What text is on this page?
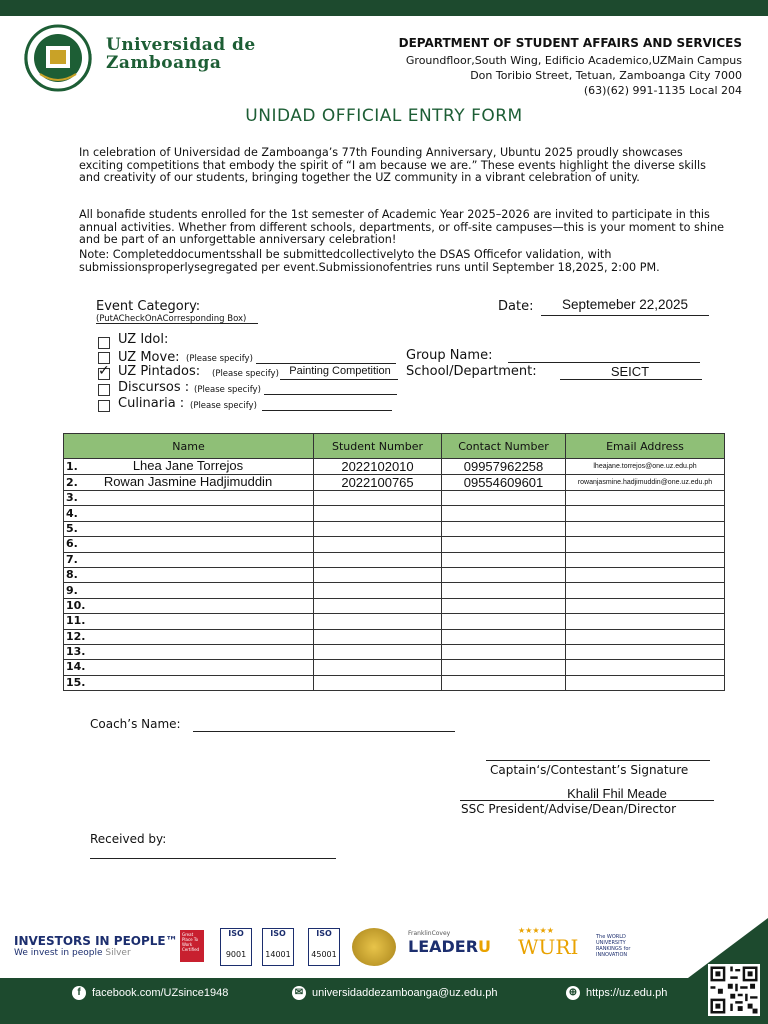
Universidad de
Zamboanga
DEPARTMENT OF STUDENT AFFAIRS AND SERVICES
Groundfloor,South Wing, Edificio Academico,UZMain Campus
Don Toribio Street, Tetuan, Zamboanga City 7000
(63)(62) 991-1135 Local 204
UNIDAD OFFICIAL ENTRY FORM
In celebration of Universidad de Zamboanga’s 77th Founding Anniversary, Ubuntu 2025 proudly showcases exciting competitions that embody the spirit of “I am because we are.” These events highlight the diverse skills and creativity of our students, bringing together the UZ community in a vibrant celebration of unity.
All bonafide students enrolled for the 1st semester of Academic Year 2025–2026 are invited to participate in this annual activities. Whether from different schools, departments, or off-site campuses—this is your moment to shine and be part of an unforgettable anniversary celebration!
Note: Completeddocumentsshall be submittedcollectivelyto the DSAS Officefor validation, with submissionsproperlysegregated per event.Submissionofentries runs until September 18,2025, 2:00 PM.
Event Category:
(PutACheckOnACorresponding Box)
Date:	Septemeber 22,2025
UZ Idol:
UZ Move: (Please specify)
✓ UZ Pintados: (Please specify) Painting Competition
Discursos : (Please specify)
Culinaria : (Please specify)
Group Name:
School/Department:	SEICT
Name	Student Number	Contact Number	Email Address
1. Lhea Jane Torrejos	2022102010	09957962258	lheajane.torrejos@one.uz.edu.ph

2. Rowan Jasmine Hadjimuddin	2022100765	09554609601	rowanjasmine.hadjimuddin@one.uz.edu.ph

3.	

4.	

5.	

6.	

7.	

8.	

9.	

10.	

11.	

12.	

13.	

14.	

15.	

Coach’s Name:
Captain‘s/Contestant’s Signature
Khalil Fhil Meade
SSC President/Advise/Dean/Director
Received by:
INVESTORS IN PEOPLE™
We invest in people Silver
Great Place To Work Certified
ISO
9001
ISO
14001
ISO
45001
FranklinCovey
LEADERU
★★★★★
WURI	The WORLD UNIVERSITY RANKINGS for INNOVATION
f facebook.com/UZsince1948	✉ universidaddezamboanga@uz.edu.ph	⊕ https://uz.edu.ph
